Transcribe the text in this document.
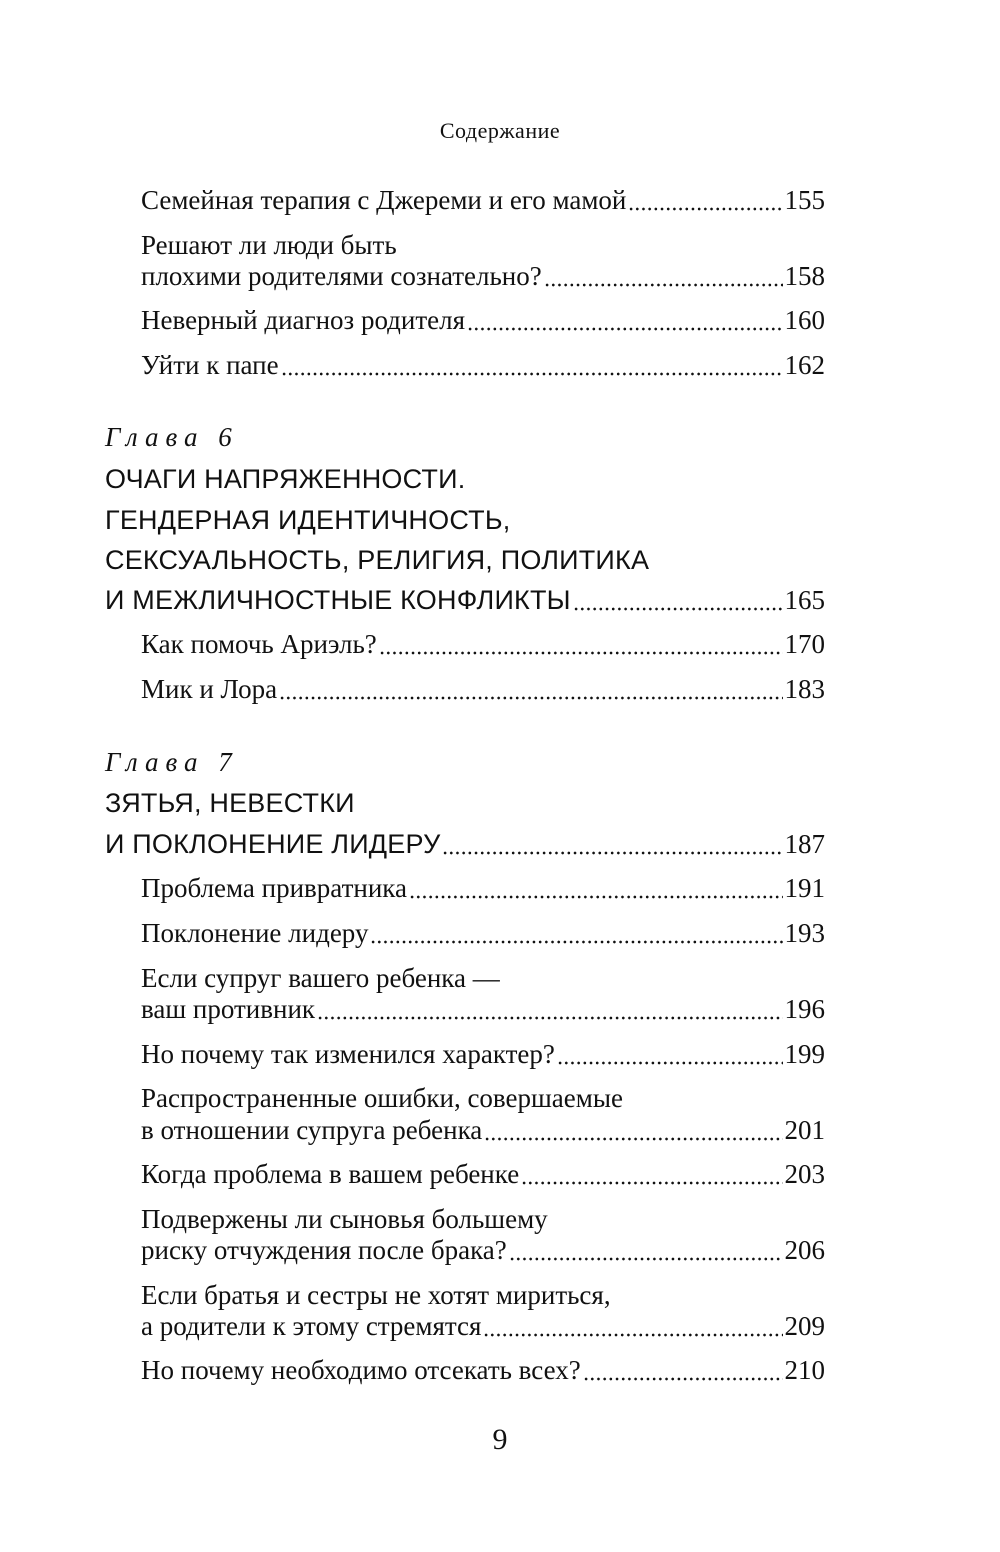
Содержание
Семейная терапия с Джереми и его мамой	155
Решают ли люди быть
плохими родителями сознательно?	158
Неверный диагноз родителя	160
Уйти к папе	162
Глава 6
ОЧАГИ НАПРЯЖЕННОСТИ.
ГЕНДЕРНАЯ ИДЕНТИЧНОСТЬ,
СЕКСУАЛЬНОСТЬ, РЕЛИГИЯ, ПОЛИТИКА
И МЕЖЛИЧНОСТНЫЕ КОНФЛИКТЫ	165
Как помочь Ариэль?	170
Мик и Лора	183
Глава 7
ЗЯТЬЯ, НЕВЕСТКИ
И ПОКЛОНЕНИЕ ЛИДЕРУ	187
Проблема привратника	191
Поклонение лидеру	193
Если супруг вашего ребенка —
ваш противник	196
Но почему так изменился характер?	199
Распространенные ошибки, совершаемые
в отношении супруга ребенка	201
Когда проблема в вашем ребенке	203
Подвержены ли сыновья большему
риску отчуждения после брака?	206
Если братья и сестры не хотят мириться,
а родители к этому стремятся	209
Но почему необходимо отсекать всех?	210
9
